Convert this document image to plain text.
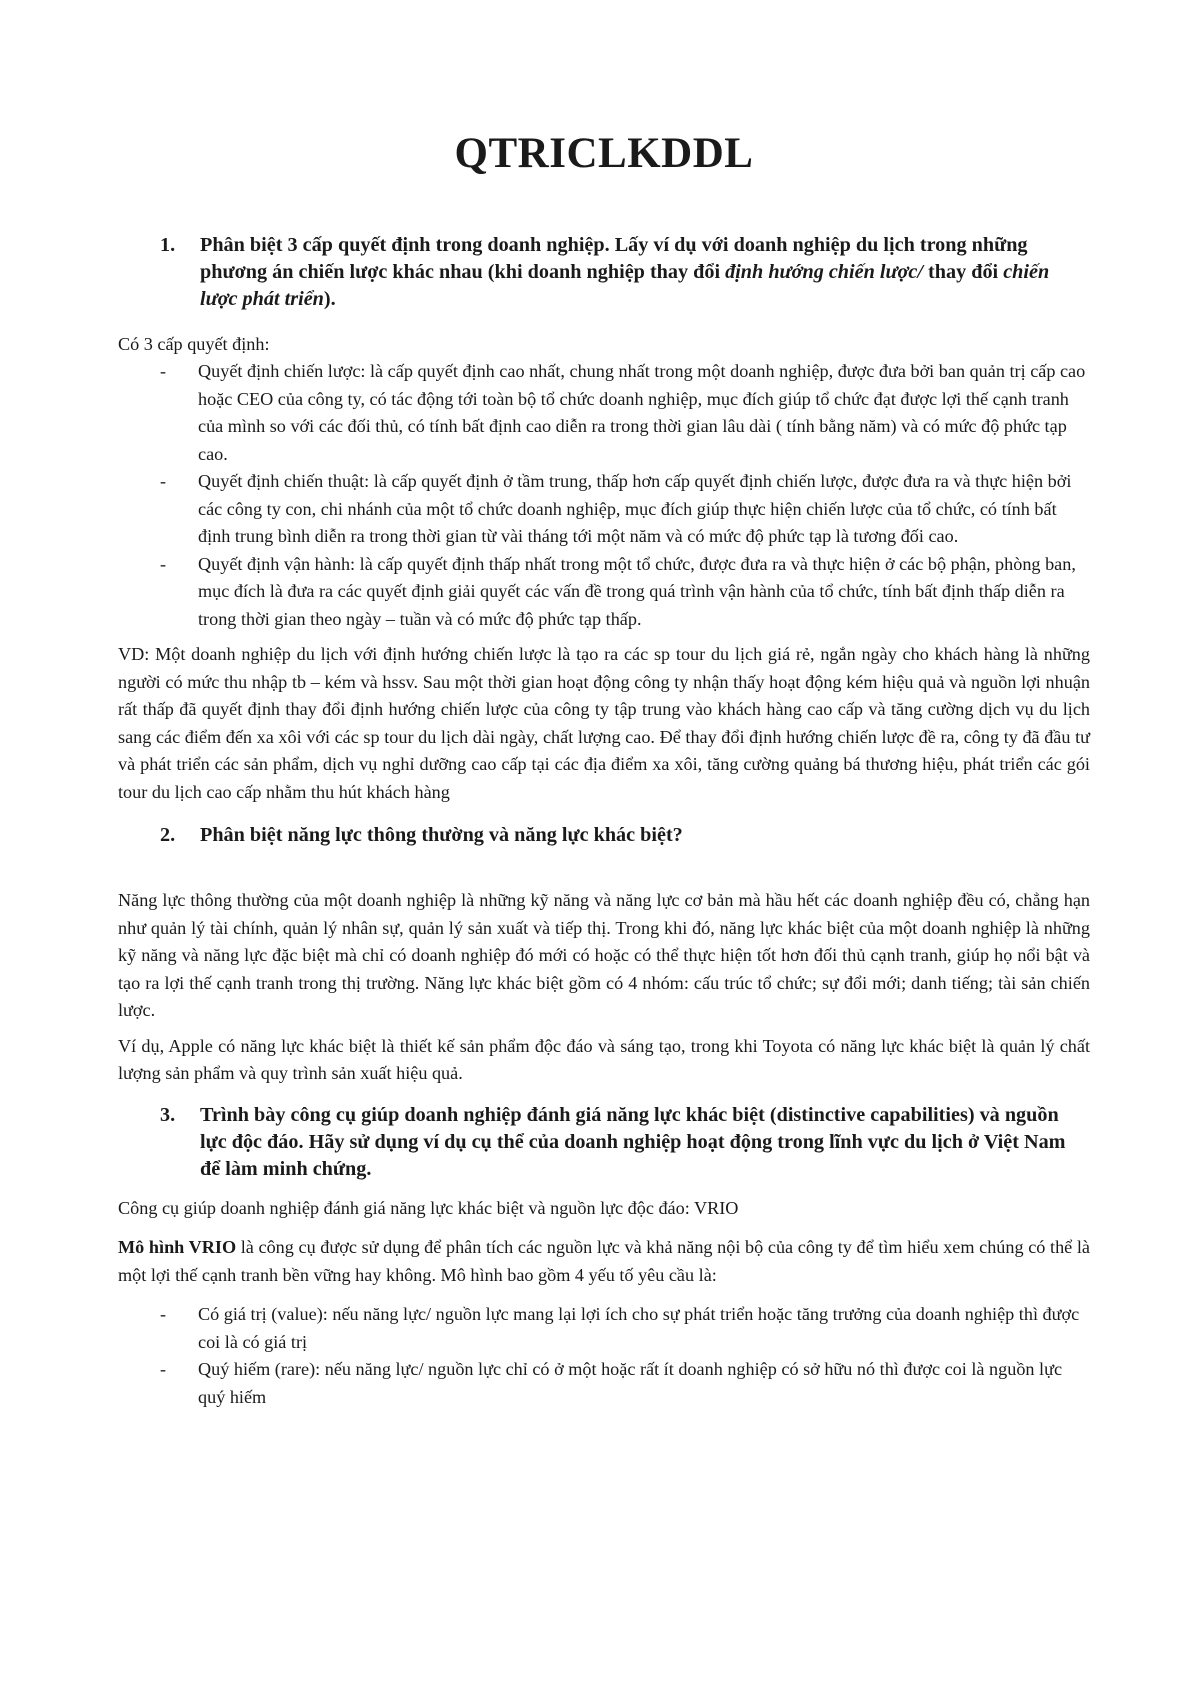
QTRICLKDDL
1.	Phân biệt 3 cấp quyết định trong doanh nghiệp. Lấy ví dụ với doanh nghiệp du lịch trong những phương án chiến lược khác nhau (khi doanh nghiệp thay đổi định hướng chiến lược/ thay đổi chiến lược phát triển).

Có 3 cấp quyết định:

- Quyết định chiến lược: là cấp quyết định cao nhất, chung nhất trong một doanh nghiệp, được đưa bởi ban quản trị cấp cao hoặc CEO của công ty, có tác động tới toàn bộ tổ chức doanh nghiệp, mục đích giúp tổ chức đạt được lợi thế cạnh tranh của mình so với các đối thủ, có tính bất định cao diễn ra trong thời gian lâu dài ( tính bằng năm) và có mức độ phức tạp cao.
- Quyết định chiến thuật: là cấp quyết định ở tầm trung, thấp hơn cấp quyết định chiến lược, được đưa ra và thực hiện bởi các công ty con, chi nhánh của một tổ chức doanh nghiệp, mục đích giúp thực hiện chiến lược của tổ chức, có tính bất định trung bình diễn ra trong thời gian từ vài tháng tới một năm và có mức độ phức tạp là tương đối cao.
- Quyết định vận hành: là cấp quyết định thấp nhất trong một tổ chức, được đưa ra và thực hiện ở các bộ phận, phòng ban, mục đích là đưa ra các quyết định giải quyết các vấn đề trong quá trình vận hành của tổ chức, tính bất định thấp diễn ra trong thời gian theo ngày – tuần và có mức độ phức tạp thấp.

VD: Một doanh nghiệp du lịch với định hướng chiến lược là tạo ra các sp tour du lịch giá rẻ, ngắn ngày cho khách hàng là những người có mức thu nhập tb – kém và hssv. Sau một thời gian hoạt động công ty nhận thấy hoạt động kém hiệu quả và nguồn lợi nhuận rất thấp đã quyết định thay đổi định hướng chiến lược của công ty tập trung vào khách hàng cao cấp và tăng cường dịch vụ du lịch sang các điểm đến xa xôi với các sp tour du lịch dài ngày, chất lượng cao. Để thay đổi định hướng chiến lược đề ra, công ty đã đầu tư và phát triển các sản phẩm, dịch vụ nghỉ dưỡng cao cấp tại các địa điểm xa xôi, tăng cường quảng bá thương hiệu, phát triển các gói tour du lịch cao cấp nhằm thu hút khách hàng

2.	Phân biệt năng lực thông thường và năng lực khác biệt?

Năng lực thông thường của một doanh nghiệp là những kỹ năng và năng lực cơ bản mà hầu hết các doanh nghiệp đều có, chẳng hạn như quản lý tài chính, quản lý nhân sự, quản lý sản xuất và tiếp thị. Trong khi đó, năng lực khác biệt của một doanh nghiệp là những kỹ năng và năng lực đặc biệt mà chỉ có doanh nghiệp đó mới có hoặc có thể thực hiện tốt hơn đối thủ cạnh tranh, giúp họ nổi bật và tạo ra lợi thế cạnh tranh trong thị trường. Năng lực khác biệt gồm có 4 nhóm: cấu trúc tổ chức; sự đổi mới; danh tiếng; tài sản chiến lược.

Ví dụ, Apple có năng lực khác biệt là thiết kế sản phẩm độc đáo và sáng tạo, trong khi Toyota có năng lực khác biệt là quản lý chất lượng sản phẩm và quy trình sản xuất hiệu quả.

3.	Trình bày công cụ giúp doanh nghiệp đánh giá năng lực khác biệt (distinctive capabilities) và nguồn lực độc đáo. Hãy sử dụng ví dụ cụ thể của doanh nghiệp hoạt động trong lĩnh vực du lịch ở Việt Nam để làm minh chứng.

Công cụ giúp doanh nghiệp đánh giá năng lực khác biệt và nguồn lực độc đáo: VRIO

Mô hình VRIO là công cụ được sử dụng để phân tích các nguồn lực và khả năng nội bộ của công ty để tìm hiểu xem chúng có thể là một lợi thế cạnh tranh bền vững hay không. Mô hình bao gồm 4 yếu tố yêu cầu là:

- Có giá trị (value): nếu năng lực/ nguồn lực mang lại lợi ích cho sự phát triển hoặc tăng trưởng của doanh nghiệp thì được coi là có giá trị
- Quý hiếm (rare): nếu năng lực/ nguồn lực chỉ có ở một hoặc rất ít doanh nghiệp có sở hữu nó thì được coi là nguồn lực quý hiếm
